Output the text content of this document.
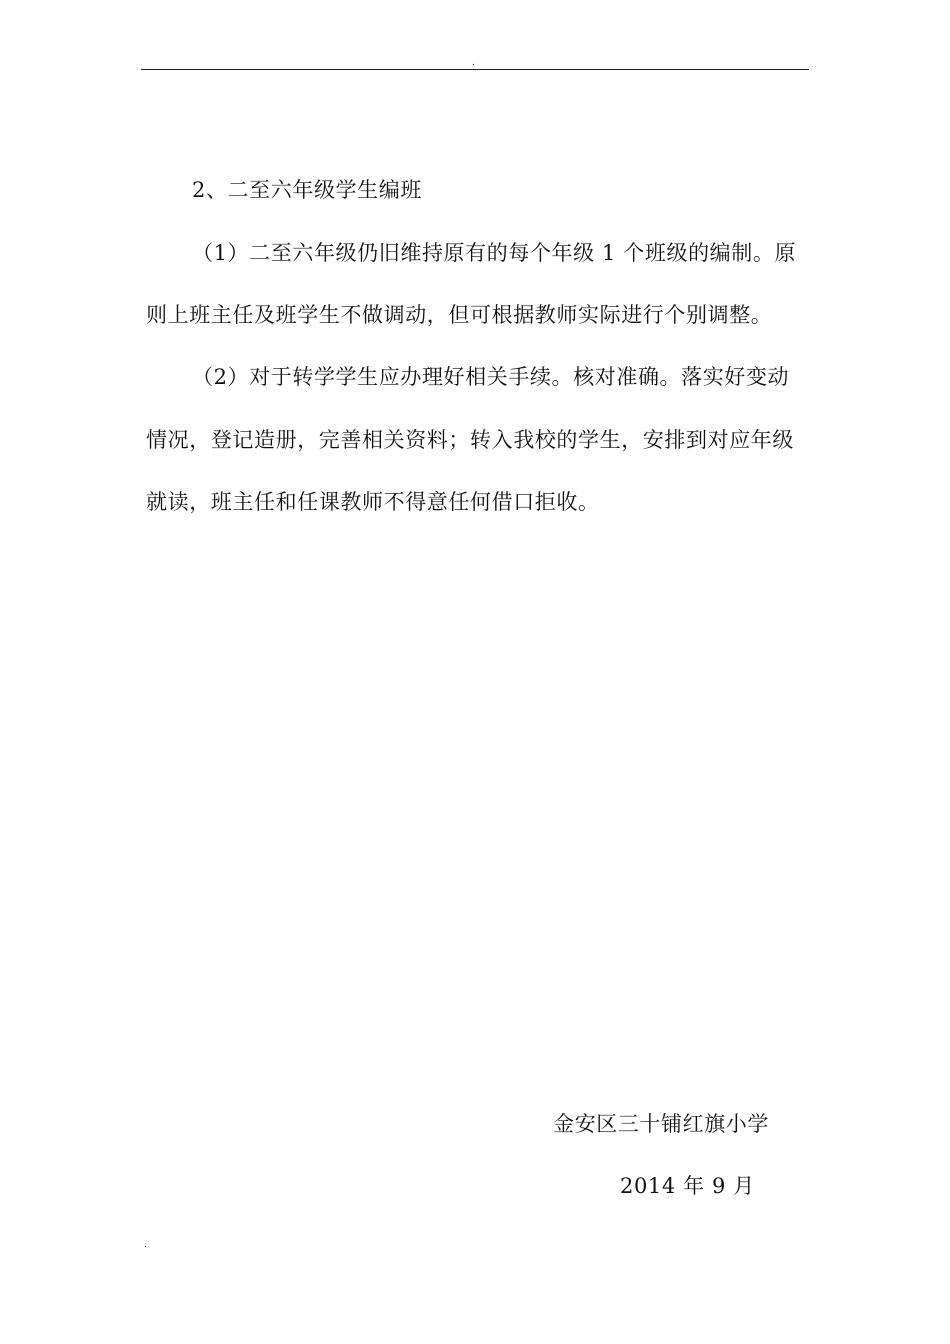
.
2、二至六年级学生编班
（1）二至六年级仍旧维持原有的每个年级 1 个班级的编制。原
则上班主任及班学生不做调动，但可根据教师实际进行个别调整。
（2）对于转学学生应办理好相关手续。核对准确。落实好变动
情况，登记造册，完善相关资料；转入我校的学生，安排到对应年级
就读，班主任和任课教师不得意任何借口拒收。
金安区三十铺红旗小学
2014 年 9 月
.
